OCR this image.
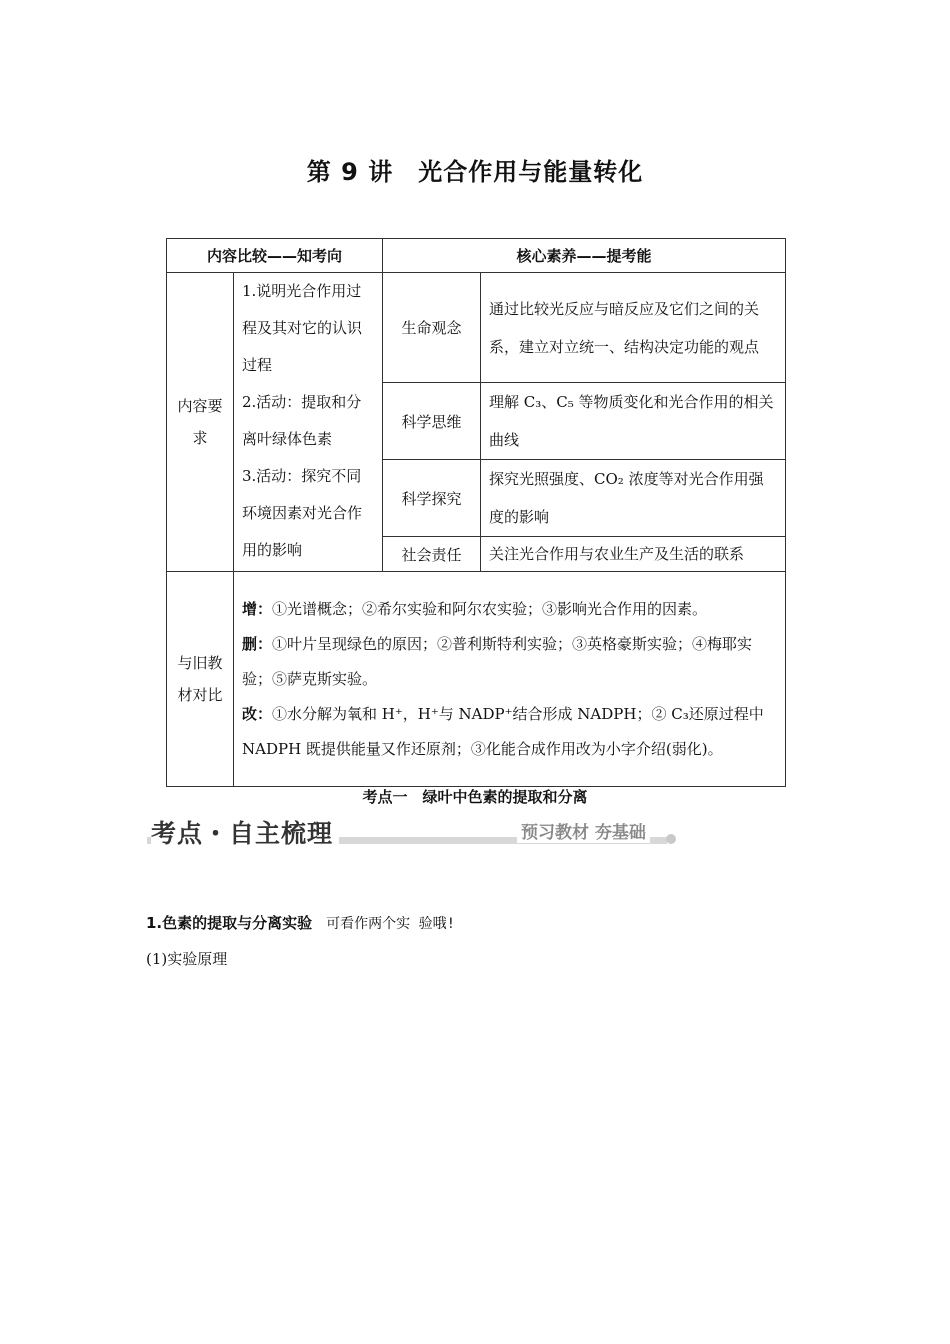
第 9 讲　光合作用与能量转化
内容比较——知考向		核心素养——提考能	
内容要求	1.说明光合作用过程及其对它的认识过程
2.活动：提取和分离叶绿体色素
3.活动：探究不同环境因素对光合作用的影响	生命观念	通过比较光反应与暗反应及它们之间的关系，建立对立统一、结构决定功能的观点
		科学思维	理解 C₃、C₅ 等物质变化和光合作用的相关曲线
		科学探究	探究光照强度、CO₂ 浓度等对光合作用强度的影响
		社会责任	关注光合作用与农业生产及生活的联系
与旧教材对比	增：①光谱概念；②希尔实验和阿尔农实验；③影响光合作用的因素。
删：①叶片呈现绿色的原因；②普利斯特利实验；③英格豪斯实验；④梅耶实验；⑤萨克斯实验。
改：①水分解为氧和 H⁺，H⁺与 NADP⁺结合形成 NADPH；② C₃还原过程中 NADPH 既提供能量又作还原剂；③化能合成作用改为小字介绍(弱化)。		
考点一　绿叶中色素的提取和分离
考点・自主梳理	预习教材 夯基础
1.色素的提取与分离实验 可看作两个实 验哦!
(1)实验原理
